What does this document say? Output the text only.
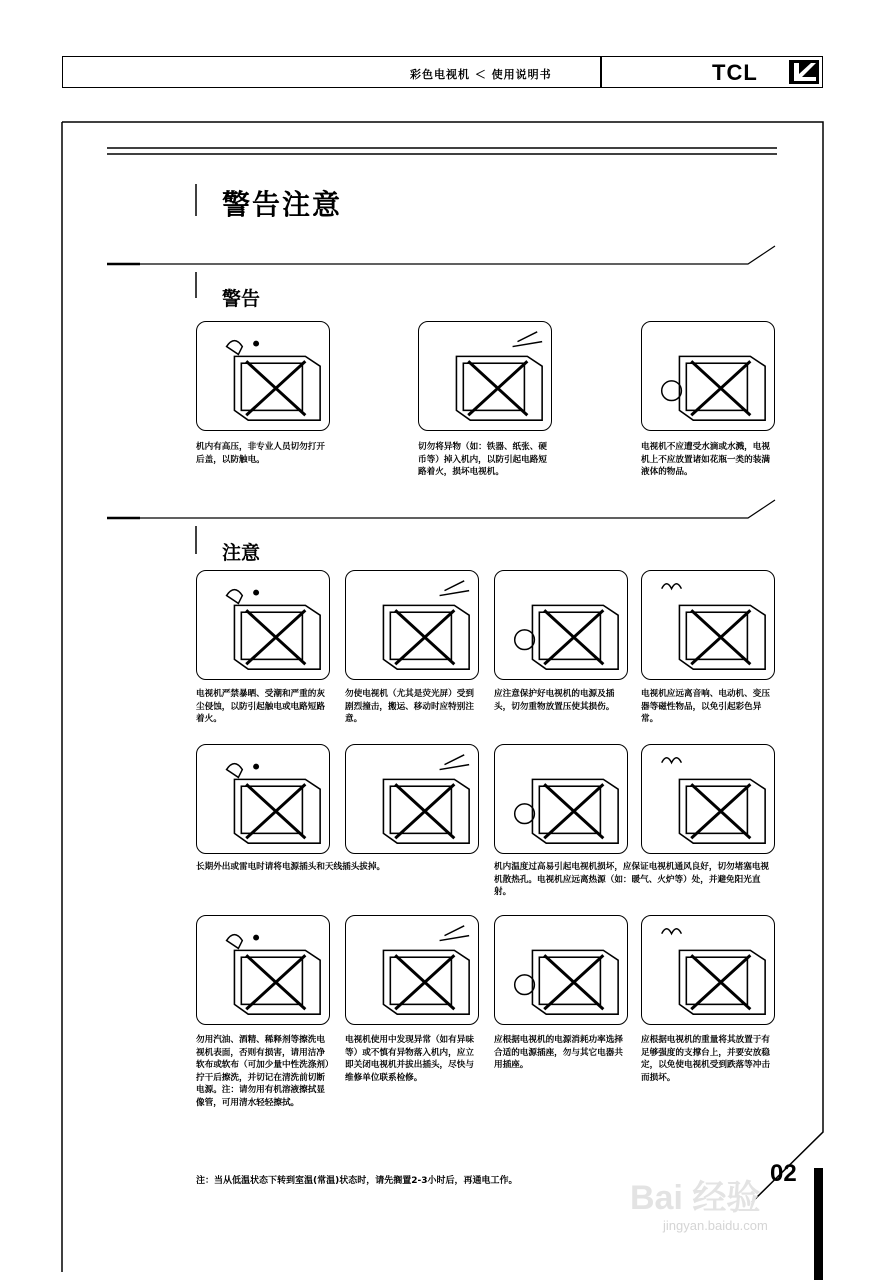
彩色电视机 ＜ 使用说明书	TCL
警告注意
警告
注意
机内有高压，非专业人员切勿打开后盖，以防触电。
切勿将异物（如：铁器、纸张、硬币等）掉入机内，以防引起电路短路着火，损坏电视机。
电视机不应遭受水滴或水溅，电视机上不应放置诸如花瓶一类的装满液体的物品。
电视机严禁暴晒、受潮和严重的灰尘侵蚀，以防引起触电或电路短路着火。
勿使电视机（尤其是荧光屏）受到剧烈撞击，搬运、移动时应特别注意。
应注意保护好电视机的电源及插头，切勿重物放置压使其损伤。
电视机应远离音响、电动机、变压器等磁性物品，以免引起彩色异常。
长期外出或雷电时请将电源插头和天线插头拔掉。	机内温度过高易引起电视机损坏，应保证电视机通风良好，切勿堵塞电视机散热孔。电视机应远离热源（如：暖气、火炉等）处，并避免阳光直射。
勿用汽油、酒精、稀释剂等擦洗电视机表面，否则有损害，请用洁净软布或软布（可加少量中性洗涤剂）拧干后擦洗，并切记在清洗前切断电源。注：请勿用有机溶液擦拭显像管，可用清水轻轻擦拭。
电视机使用中发现异常（如有异味等）或不慎有异物落入机内，应立即关闭电视机并拔出插头，尽快与维修单位联系检修。
应根据电视机的电源消耗功率选择合适的电源插座，勿与其它电器共用插座。
应根据电视机的重量将其放置于有足够强度的支撑台上，并要安放稳定，以免使电视机受到跌落等冲击而损坏。
注：当从低温状态下转到室温(常温)状态时，请先搁置2-3小时后，再通电工作。	Bai 经验
jingyan.baidu.com
02
